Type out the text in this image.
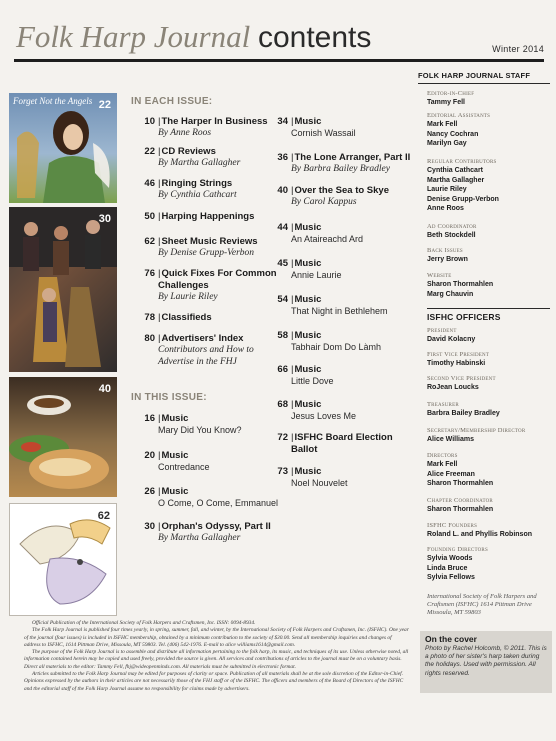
Folk Harp Journal contents	Winter 2014
Forget Not the Angels 22
30
40
62
IN EACH ISSUE:
10 | The Harper In Business
By Anne Roos
22 | CD Reviews
By Martha Gallagher
46 | Ringing Strings
By Cynthia Cathcart
50 | Harping Happenings
62 | Sheet Music Reviews
By Denise Grupp-Verbon
76 | Quick Fixes For Common
Challenges
By Laurie Riley
78 | Classifieds
80 | Advertisers' Index
Contributors and How to
Advertise in the FHJ
IN THIS ISSUE:
16 | Music
Mary Did You Know?
20 | Music
Contredance
26 | Music
O Come, O Come, Emmanuel
30 | Orphan's Odyssy, Part II
By Martha Gallagher
34 | Music
Cornish Wassail
36 | The Lone Arranger, Part II
By Barbra Bailey Bradley
40 | Over the Sea to Skye
By Carol Kappus
44 | Music
An Ataireachd Ard
45 | Music
Annie Laurie
54 | Music
That Night in Bethlehem
58 | Music
Tabhair Dom Do Làmh
66 | Music
Little Dove
68 | Music
Jesus Loves Me
72 | ISFHC Board Election
Ballot
73 | Music
Noel Nouvelet
FOLK HARP JOURNAL STAFF
Editor-in-Chief
Tammy Fell
Editorial Assistants
Mark Fell
Nancy Cochran
Marilyn Gay
Regular Contributors
Cynthia Cathcart
Martha Gallagher
Laurie Riley
Denise Grupp-Verbon
Anne Roos
Ad Coordinator
Beth Stockdell
Back Issues
Jerry Brown
Website
Sharon Thormahlen
Marg Chauvin
ISFHC OFFICERS
President
David Kolacny
First Vice President
Timothy Habinski
Second Vice President
RoJean Loucks
Treasurer
Barbra Bailey Bradley
Secretary/Membership Director
Alice Williams
Directors
Mark Fell
Alice Freeman
Sharon Thormahlen
Chapter Coordinator
Sharon Thormahlen
ISFHC Founders
Roland L. and Phyllis Robinson
Founding Directors
Sylvia Woods
Linda Bruce
Sylvia Fellows
International Society of Folk Harpers and Craftsmen (ISFHC) 1614 Pittman Drive Missoula, MT 59803
On the cover
Photo by Rachel Holcomb, © 2011. This is a photo of her sister's harp taken during the holidays. Used with permission. All rights reserved.

Official Publication of the International Society of Folk Harpers and Craftsmen, Inc. ISSN: 0094-8934.

The Folk Harp Journal is published four times yearly, in spring, summer, fall, and winter, by the International Society of Folk Harpers and Craftsmen, Inc. (ISFHC). One year of the journal (four issues) is included in ISFHC membership, obtained by a minimum contribution to the society of $30.00. Send all membership inquiries and changes of address to ISFHC, 1614 Pittman Drive, Missoula, MT 59803. Tel. (406) 542-1976. E-mail to alice williams1614@gmail.com.

The purpose of the Folk Harp Journal is to assemble and distribute all information pertaining to the folk harp, its music, and techniques of its use. Unless otherwise noted, all information contained herein may be copied and used freely, provided the source is given. All services and contributions of articles to the journal must be on a voluntary basis. Direct all materials to the editor: Tammy Fell, fhj@wideopenminds.com. All materials must be submitted in electronic format.

Articles submitted to the Folk Harp Journal may be edited for purposes of clarity or space. Publication of all materials shall be at the sole discretion of the Editor-in-Chief. Opinions expressed by the authors in their articles are not necessarily those of the FHJ staff or of the ISFHC. The officers and members of the Board of Directors of the ISFHC and the editorial staff of the Folk Harp Journal assume no responsibility for claims made by advertisers.
